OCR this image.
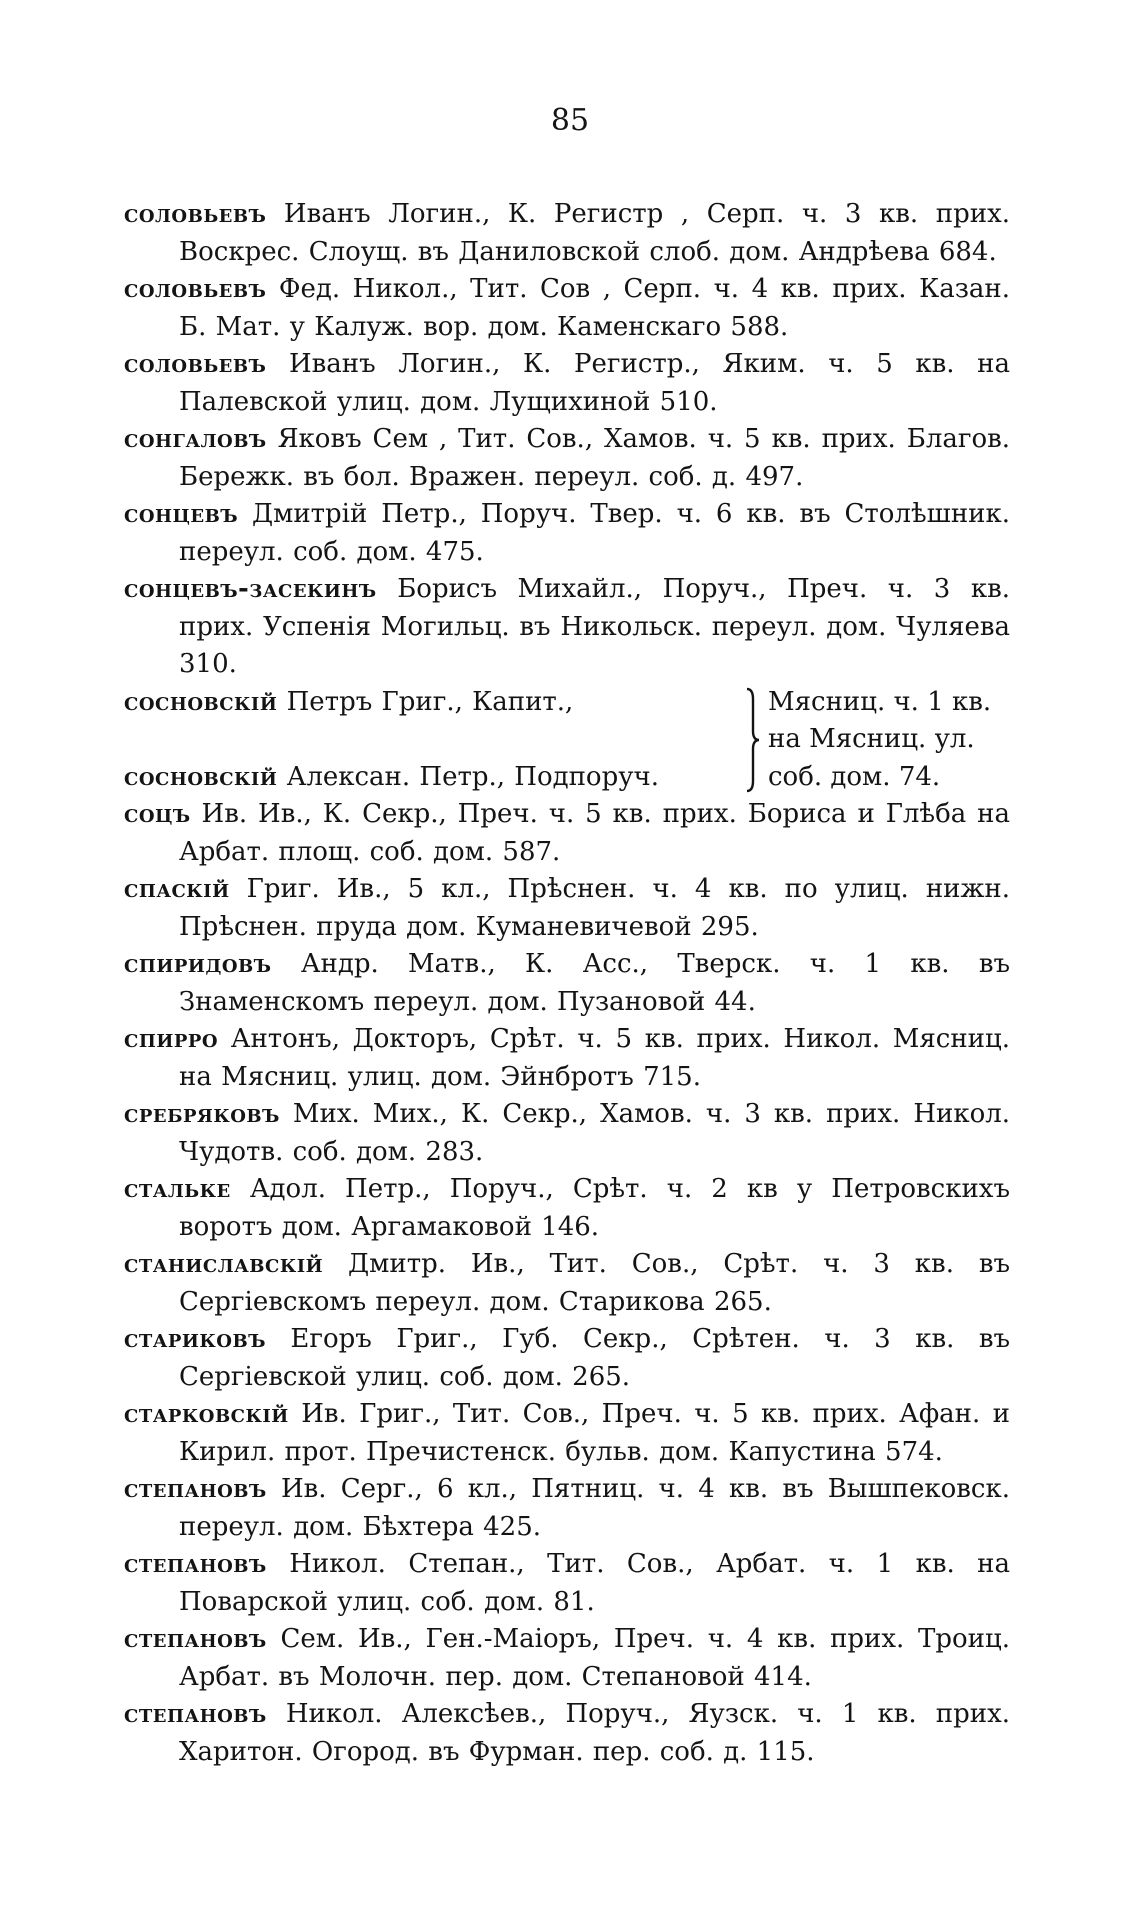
85
соловьевъ Иванъ Логин., К. Регистр , Серп. ч. 3 кв. прих. Воскрес. Слоущ. въ Даниловской слоб. дом. Андрѣева 684.
соловьевъ Фед. Никол., Тит. Сов , Серп. ч. 4 кв. прих. Казан. Б. Мат. у Калуж. вор. дом. Каменскаго 588.
соловьевъ Иванъ Логин., К. Регистр., Яким. ч. 5 кв. на Палевской улиц. дом. Лущихиной 510.
сонгаловъ Яковъ Сем , Тит. Сов., Хамов. ч. 5 кв. прих. Благов. Бережк. въ бол. Вражен. переул. соб. д. 497.
сонцевъ Дмитрій Петр., Поруч. Твер. ч. 6 кв. въ Столѣшник. переул. соб. дом. 475.
сонцевъ-засекинъ Борисъ Михайл., Поруч., Преч. ч. 3 кв. прих. Успенія Могильц. въ Никольск. переул. дом. Чуляева 310.
сосновскій Петръ Григ., Капит.,

сосновскій Алексан. Петр., Подпоруч.
Мясниц. ч. 1 кв.
на Мясниц. ул.
соб. дом. 74.
соцъ Ив. Ив., К. Секр., Преч. ч. 5 кв. прих. Бориса и Глѣба на Арбат. площ. соб. дом. 587.
спаскій Григ. Ив., 5 кл., Прѣснен. ч. 4 кв. по улиц. нижн. Прѣснен. пруда дом. Куманевичевой 295.
спиридовъ Андр. Матв., К. Асс., Тверск. ч. 1 кв. въ Знаменскомъ переул. дом. Пузановой 44.
спирро Антонъ, Докторъ, Срѣт. ч. 5 кв. прих. Никол. Мясниц. на Мясниц. улиц. дом. Эйнбротъ 715.
сребряковъ Мих. Мих., К. Секр., Хамов. ч. 3 кв. прих. Никол. Чудотв. соб. дом. 283.
стальке Адол. Петр., Поруч., Срѣт. ч. 2 кв у Петровскихъ воротъ дом. Аргамаковой 146.
станиславскій Дмитр. Ив., Тит. Сов., Срѣт. ч. 3 кв. въ Сергіевскомъ переул. дом. Старикова 265.
стариковъ Егоръ Григ., Губ. Секр., Срѣтен. ч. 3 кв. въ Сергіевской улиц. соб. дом. 265.
старковскій Ив. Григ., Тит. Сов., Преч. ч. 5 кв. прих. Афан. и Кирил. прот. Пречистенск. бульв. дом. Капустина 574.
степановъ Ив. Серг., 6 кл., Пятниц. ч. 4 кв. въ Вышпековск. переул. дом. Бѣхтера 425.
степановъ Никол. Степан., Тит. Сов., Арбат. ч. 1 кв. на Поварской улиц. соб. дом. 81.
степановъ Сем. Ив., Ген.-Маіоръ, Преч. ч. 4 кв. прих. Троиц. Арбат. въ Молочн. пер. дом. Степановой 414.
степановъ Никол. Алексѣев., Поруч., Яузск. ч. 1 кв. прих. Харитон. Огород. въ Фурман. пер. соб. д. 115.
